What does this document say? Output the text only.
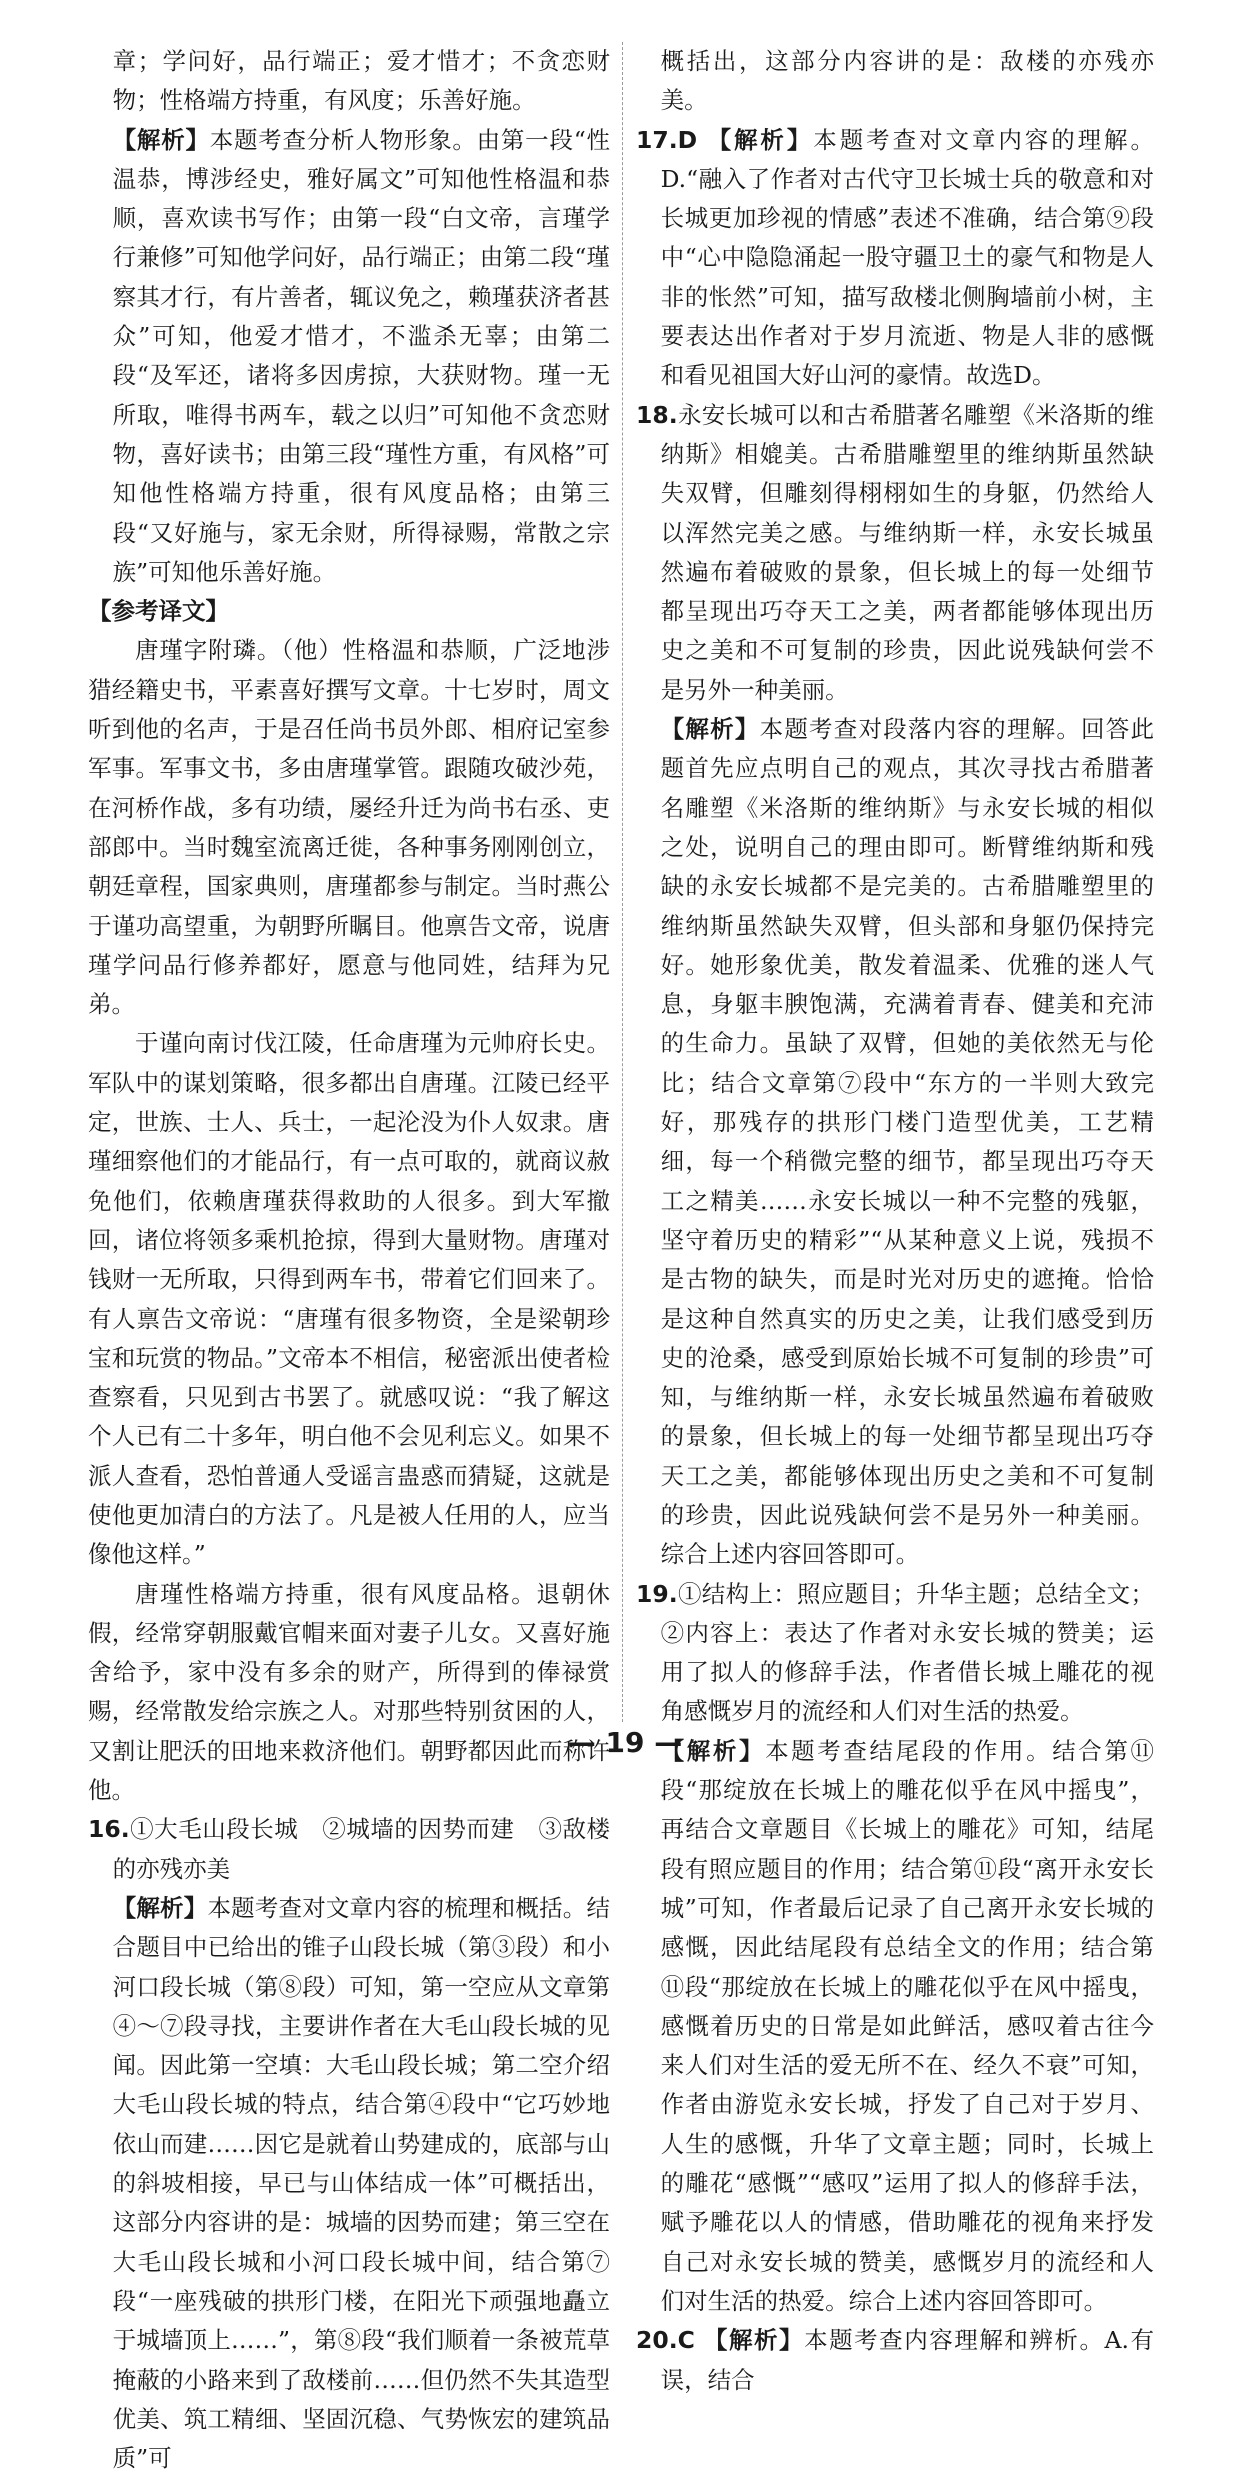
章；学问好，品行端正；爱才惜才；不贪恋财物；性格端方持重，有风度；乐善好施。

【解析】本题考查分析人物形象。由第一段“性温恭，博涉经史，雅好属文”可知他性格温和恭顺，喜欢读书写作；由第一段“白文帝，言瑾学行兼修”可知他学问好，品行端正；由第二段“瑾察其才行，有片善者，辄议免之，赖瑾获济者甚众”可知，他爱才惜才，不滥杀无辜；由第二段“及军还，诸将多因虏掠，大获财物。瑾一无所取，唯得书两车，载之以归”可知他不贪恋财物，喜好读书；由第三段“瑾性方重，有风格”可知他性格端方持重，很有风度品格；由第三段“又好施与，家无余财，所得禄赐，常散之宗族”可知他乐善好施。

【参考译文】

唐瑾字附璘。（他）性格温和恭顺，广泛地涉猎经籍史书，平素喜好撰写文章。十七岁时，周文听到他的名声，于是召任尚书员外郎、相府记室参军事。军事文书，多由唐瑾掌管。跟随攻破沙苑，在河桥作战，多有功绩，屡经升迁为尚书右丞、吏部郎中。当时魏室流离迁徙，各种事务刚刚创立，朝廷章程，国家典则，唐瑾都参与制定。当时燕公于谨功高望重，为朝野所瞩目。他禀告文帝，说唐瑾学问品行修养都好，愿意与他同姓，结拜为兄弟。

于谨向南讨伐江陵，任命唐瑾为元帅府长史。军队中的谋划策略，很多都出自唐瑾。江陵已经平定，世族、士人、兵士，一起沦没为仆人奴隶。唐瑾细察他们的才能品行，有一点可取的，就商议赦免他们，依赖唐瑾获得救助的人很多。到大军撤回，诸位将领多乘机抢掠，得到大量财物。唐瑾对钱财一无所取，只得到两车书，带着它们回来了。有人禀告文帝说：“唐瑾有很多物资，全是梁朝珍宝和玩赏的物品。”文帝本不相信，秘密派出使者检查察看，只见到古书罢了。就感叹说：“我了解这个人已有二十多年，明白他不会见利忘义。如果不派人查看，恐怕普通人受谣言蛊惑而猜疑，这就是使他更加清白的方法了。凡是被人任用的人，应当像他这样。”

唐瑾性格端方持重，很有风度品格。退朝休假，经常穿朝服戴官帽来面对妻子儿女。又喜好施舍给予，家中没有多余的财产，所得到的俸禄赏赐，经常散发给宗族之人。对那些特别贫困的人，又割让肥沃的田地来救济他们。朝野都因此而称许他。

16.①大毛山段长城　②城墙的因势而建　③敌楼的亦残亦美

【解析】本题考查对文章内容的梳理和概括。结合题目中已给出的锥子山段长城（第③段）和小河口段长城（第⑧段）可知，第一空应从文章第④～⑦段寻找，主要讲作者在大毛山段长城的见闻。因此第一空填：大毛山段长城；第二空介绍大毛山段长城的特点，结合第④段中“它巧妙地依山而建……因它是就着山势建成的，底部与山的斜坡相接，早已与山体结成一体”可概括出，这部分内容讲的是：城墙的因势而建；第三空在大毛山段长城和小河口段长城中间，结合第⑦段“一座残破的拱形门楼，在阳光下顽强地矗立于城墙顶上……”，第⑧段“我们顺着一条被荒草掩蔽的小路来到了敌楼前……但仍然不失其造型优美、筑工精细、坚固沉稳、气势恢宏的建筑品质”可

概括出，这部分内容讲的是：敌楼的亦残亦美。

17.D 【解析】本题考查对文章内容的理解。D.“融入了作者对古代守卫长城士兵的敬意和对长城更加珍视的情感”表述不准确，结合第⑨段中“心中隐隐涌起一股守疆卫土的豪气和物是人非的怅然”可知，描写敌楼北侧胸墙前小树，主要表达出作者对于岁月流逝、物是人非的感慨和看见祖国大好山河的豪情。故选D。

18.永安长城可以和古希腊著名雕塑《米洛斯的维纳斯》相媲美。古希腊雕塑里的维纳斯虽然缺失双臂，但雕刻得栩栩如生的身躯，仍然给人以浑然完美之感。与维纳斯一样，永安长城虽然遍布着破败的景象，但长城上的每一处细节都呈现出巧夺天工之美，两者都能够体现出历史之美和不可复制的珍贵，因此说残缺何尝不是另外一种美丽。

【解析】本题考查对段落内容的理解。回答此题首先应点明自己的观点，其次寻找古希腊著名雕塑《米洛斯的维纳斯》与永安长城的相似之处，说明自己的理由即可。断臂维纳斯和残缺的永安长城都不是完美的。古希腊雕塑里的维纳斯虽然缺失双臂，但头部和身躯仍保持完好。她形象优美，散发着温柔、优雅的迷人气息，身躯丰腴饱满，充满着青春、健美和充沛的生命力。虽缺了双臂，但她的美依然无与伦比；结合文章第⑦段中“东方的一半则大致完好，那残存的拱形门楼门造型优美，工艺精细，每一个稍微完整的细节，都呈现出巧夺天工之精美……永安长城以一种不完整的残躯，坚守着历史的精彩”“从某种意义上说，残损不是古物的缺失，而是时光对历史的遮掩。恰恰是这种自然真实的历史之美，让我们感受到历史的沧桑，感受到原始长城不可复制的珍贵”可知，与维纳斯一样，永安长城虽然遍布着破败的景象，但长城上的每一处细节都呈现出巧夺天工之美，都能够体现出历史之美和不可复制的珍贵，因此说残缺何尝不是另外一种美丽。综合上述内容回答即可。

19.①结构上：照应题目；升华主题；总结全文；②内容上：表达了作者对永安长城的赞美；运用了拟人的修辞手法，作者借长城上雕花的视角感慨岁月的流经和人们对生活的热爱。

【解析】本题考查结尾段的作用。结合第⑪段“那绽放在长城上的雕花似乎在风中摇曳”，再结合文章题目《长城上的雕花》可知，结尾段有照应题目的作用；结合第⑪段“离开永安长城”可知，作者最后记录了自己离开永安长城的感慨，因此结尾段有总结全文的作用；结合第⑪段“那绽放在长城上的雕花似乎在风中摇曳，感慨着历史的日常是如此鲜活，感叹着古往今来人们对生活的爱无所不在、经久不衰”可知，作者由游览永安长城，抒发了自己对于岁月、人生的感慨，升华了文章主题；同时，长城上的雕花“感慨”“感叹”运用了拟人的修辞手法，赋予雕花以人的情感，借助雕花的视角来抒发自己对永安长城的赞美，感慨岁月的流经和人们对生活的热爱。综合上述内容回答即可。

20.C 【解析】本题考查内容理解和辨析。A.有误，结合

— 19 —
